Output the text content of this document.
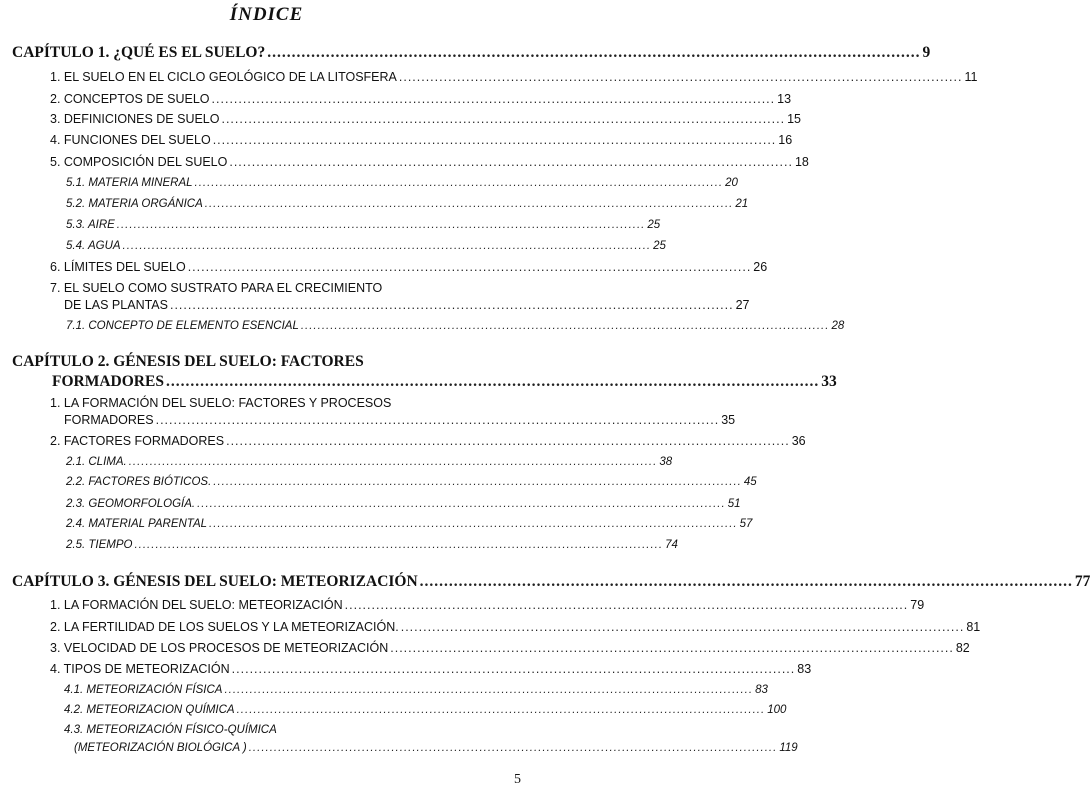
ÍNDICE
CAPÍTULO 1. ¿QUÉ ES EL SUELO? ...................................................................................................................................... 9
1. EL SUELO EN EL CICLO GEOLÓGICO DE LA LITOSFERA .............................................................................................................................. 11
2. CONCEPTOS DE SUELO .............................................................................................................................. 13
3. DEFINICIONES DE SUELO .............................................................................................................................. 15
4. FUNCIONES DEL SUELO .............................................................................................................................. 16
5. COMPOSICIÓN DEL SUELO .............................................................................................................................. 18
5.1. MATERIA MINERAL .............................................................................................................................. 20
5.2. MATERIA ORGÁNICA .............................................................................................................................. 21
5.3. AIRE .............................................................................................................................. 25
5.4. AGUA .............................................................................................................................. 25
6. LÍMITES DEL SUELO .............................................................................................................................. 26
7. EL SUELO COMO SUSTRATO PARA EL CRECIMIENTO
DE LAS PLANTAS .............................................................................................................................. 27
7.1. CONCEPTO DE ELEMENTO ESENCIAL .............................................................................................................................. 28
CAPÍTULO 2. GÉNESIS DEL SUELO: FACTORES
FORMADORES ...................................................................................................................................... 33
1. LA FORMACIÓN DEL SUELO: FACTORES Y PROCESOS
FORMADORES .............................................................................................................................. 35
2. FACTORES FORMADORES .............................................................................................................................. 36
2.1. CLIMA. .............................................................................................................................. 38
2.2. FACTORES BIÓTICOS. .............................................................................................................................. 45
2.3. GEOMORFOLOGÍA. .............................................................................................................................. 51
2.4. MATERIAL PARENTAL .............................................................................................................................. 57
2.5. TIEMPO .............................................................................................................................. 74
CAPÍTULO 3. GÉNESIS DEL SUELO: METEORIZACIÓN ...................................................................................................................................... 77
1. LA FORMACIÓN DEL SUELO: METEORIZACIÓN .............................................................................................................................. 79
2. LA FERTILIDAD DE LOS SUELOS Y LA METEORIZACIÓN. .............................................................................................................................. 81
3. VELOCIDAD DE LOS PROCESOS DE METEORIZACIÓN .............................................................................................................................. 82
4. TIPOS DE METEORIZACIÓN .............................................................................................................................. 83
4.1. METEORIZACIÓN FÍSICA .............................................................................................................................. 83
4.2. METEORIZACION QUÍMICA .............................................................................................................................. 100
4.3. METEORIZACIÓN FÍSICO-QUÍMICA
(METEORIZACIÓN BIOLÓGICA ) .............................................................................................................................. 119
5
